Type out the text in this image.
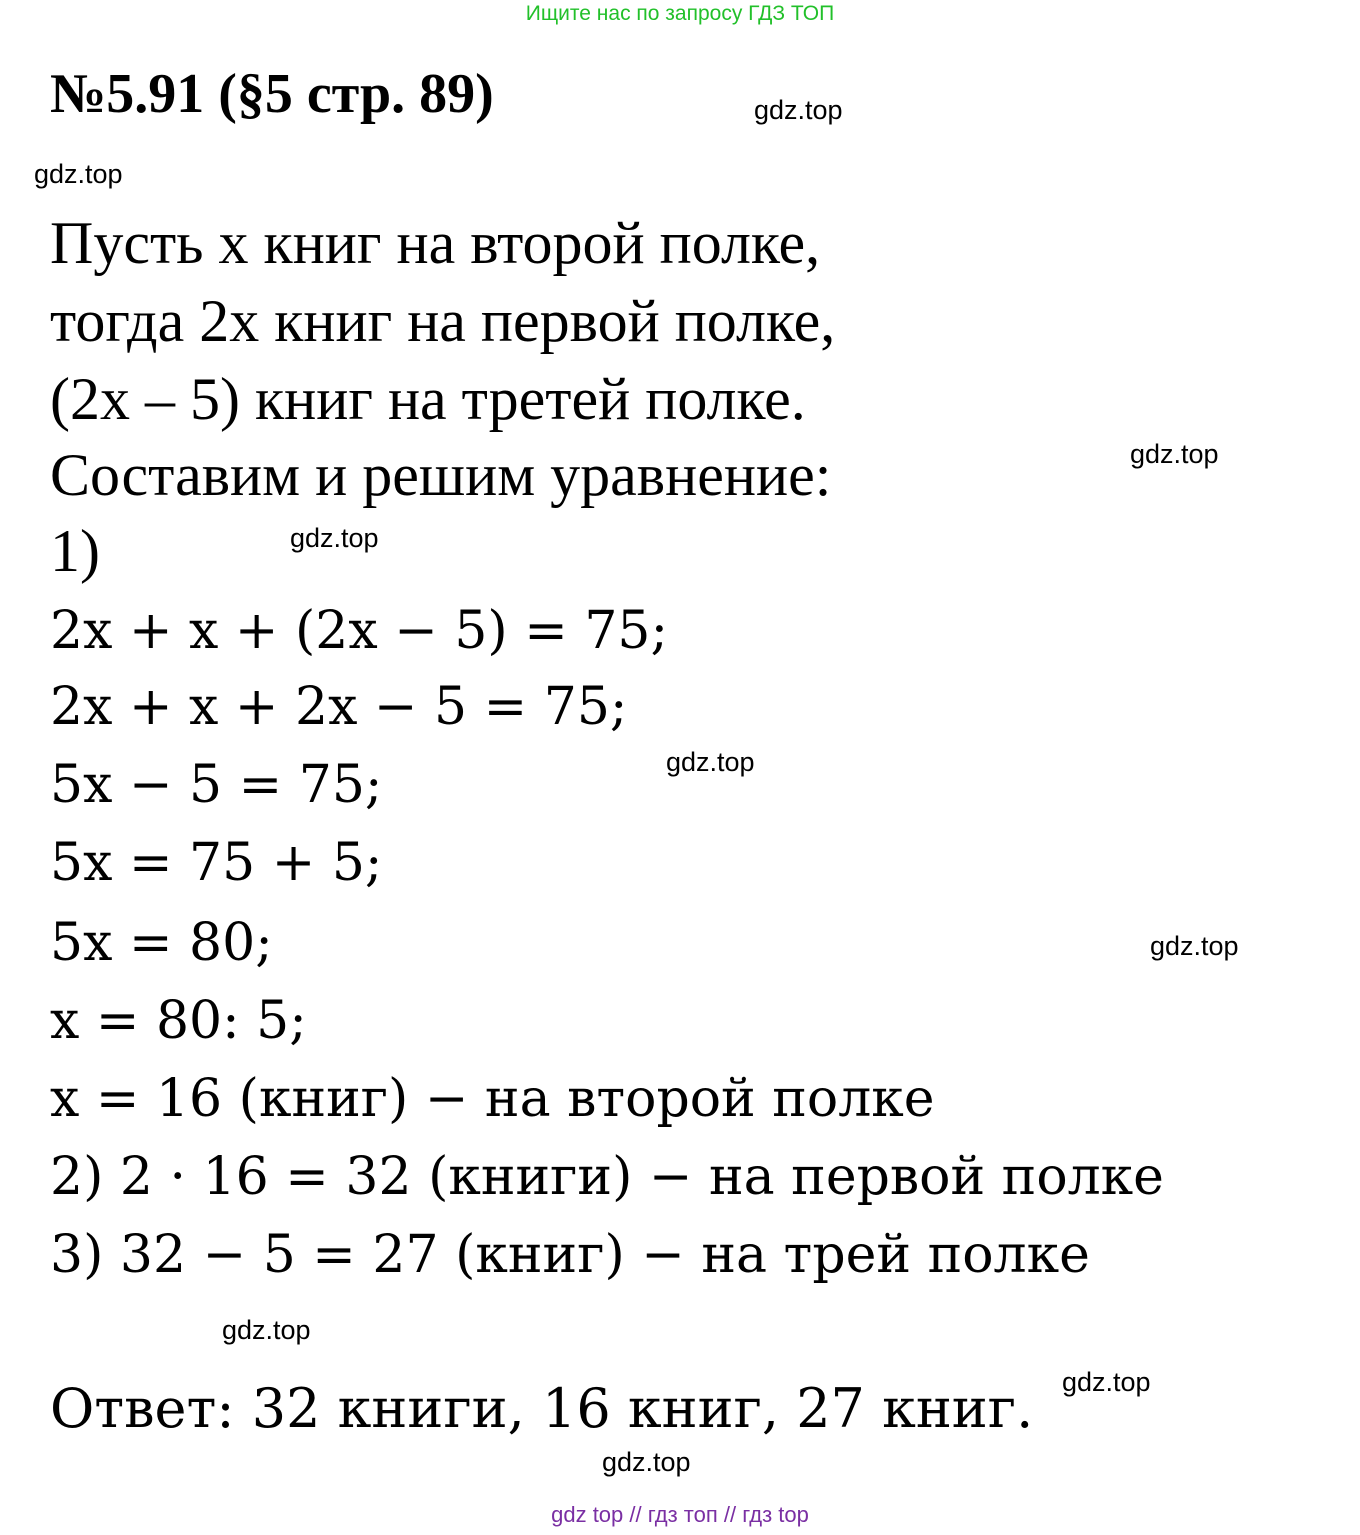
Ищите нас по запросу ГДЗ ТОП
№5.91 (§5 стр. 89)	gdz.top
gdz.top
gdz.top
gdz.top
gdz.top
gdz.top
gdz.top
gdz.top
gdz.top
Пусть x книг на второй полке,
тогда 2x книг на первой полке,
(2x – 5) книг на третей полке.
Составим и решим уравнение:
1)
2x + x + (2x − 5) = 75;
2x + x + 2x − 5 = 75;
5x − 5 = 75;
5x = 75 + 5;
5x = 80;
x = 80: 5;
x = 16 (книг) − на второй полке
2) 2 · 16 = 32 (книги) − на первой полке
3) 32 − 5 = 27 (книг) − на трей полке
Ответ: 32 книги, 16 книг, 27 книг.
gdz top // гдз топ // гдз top
